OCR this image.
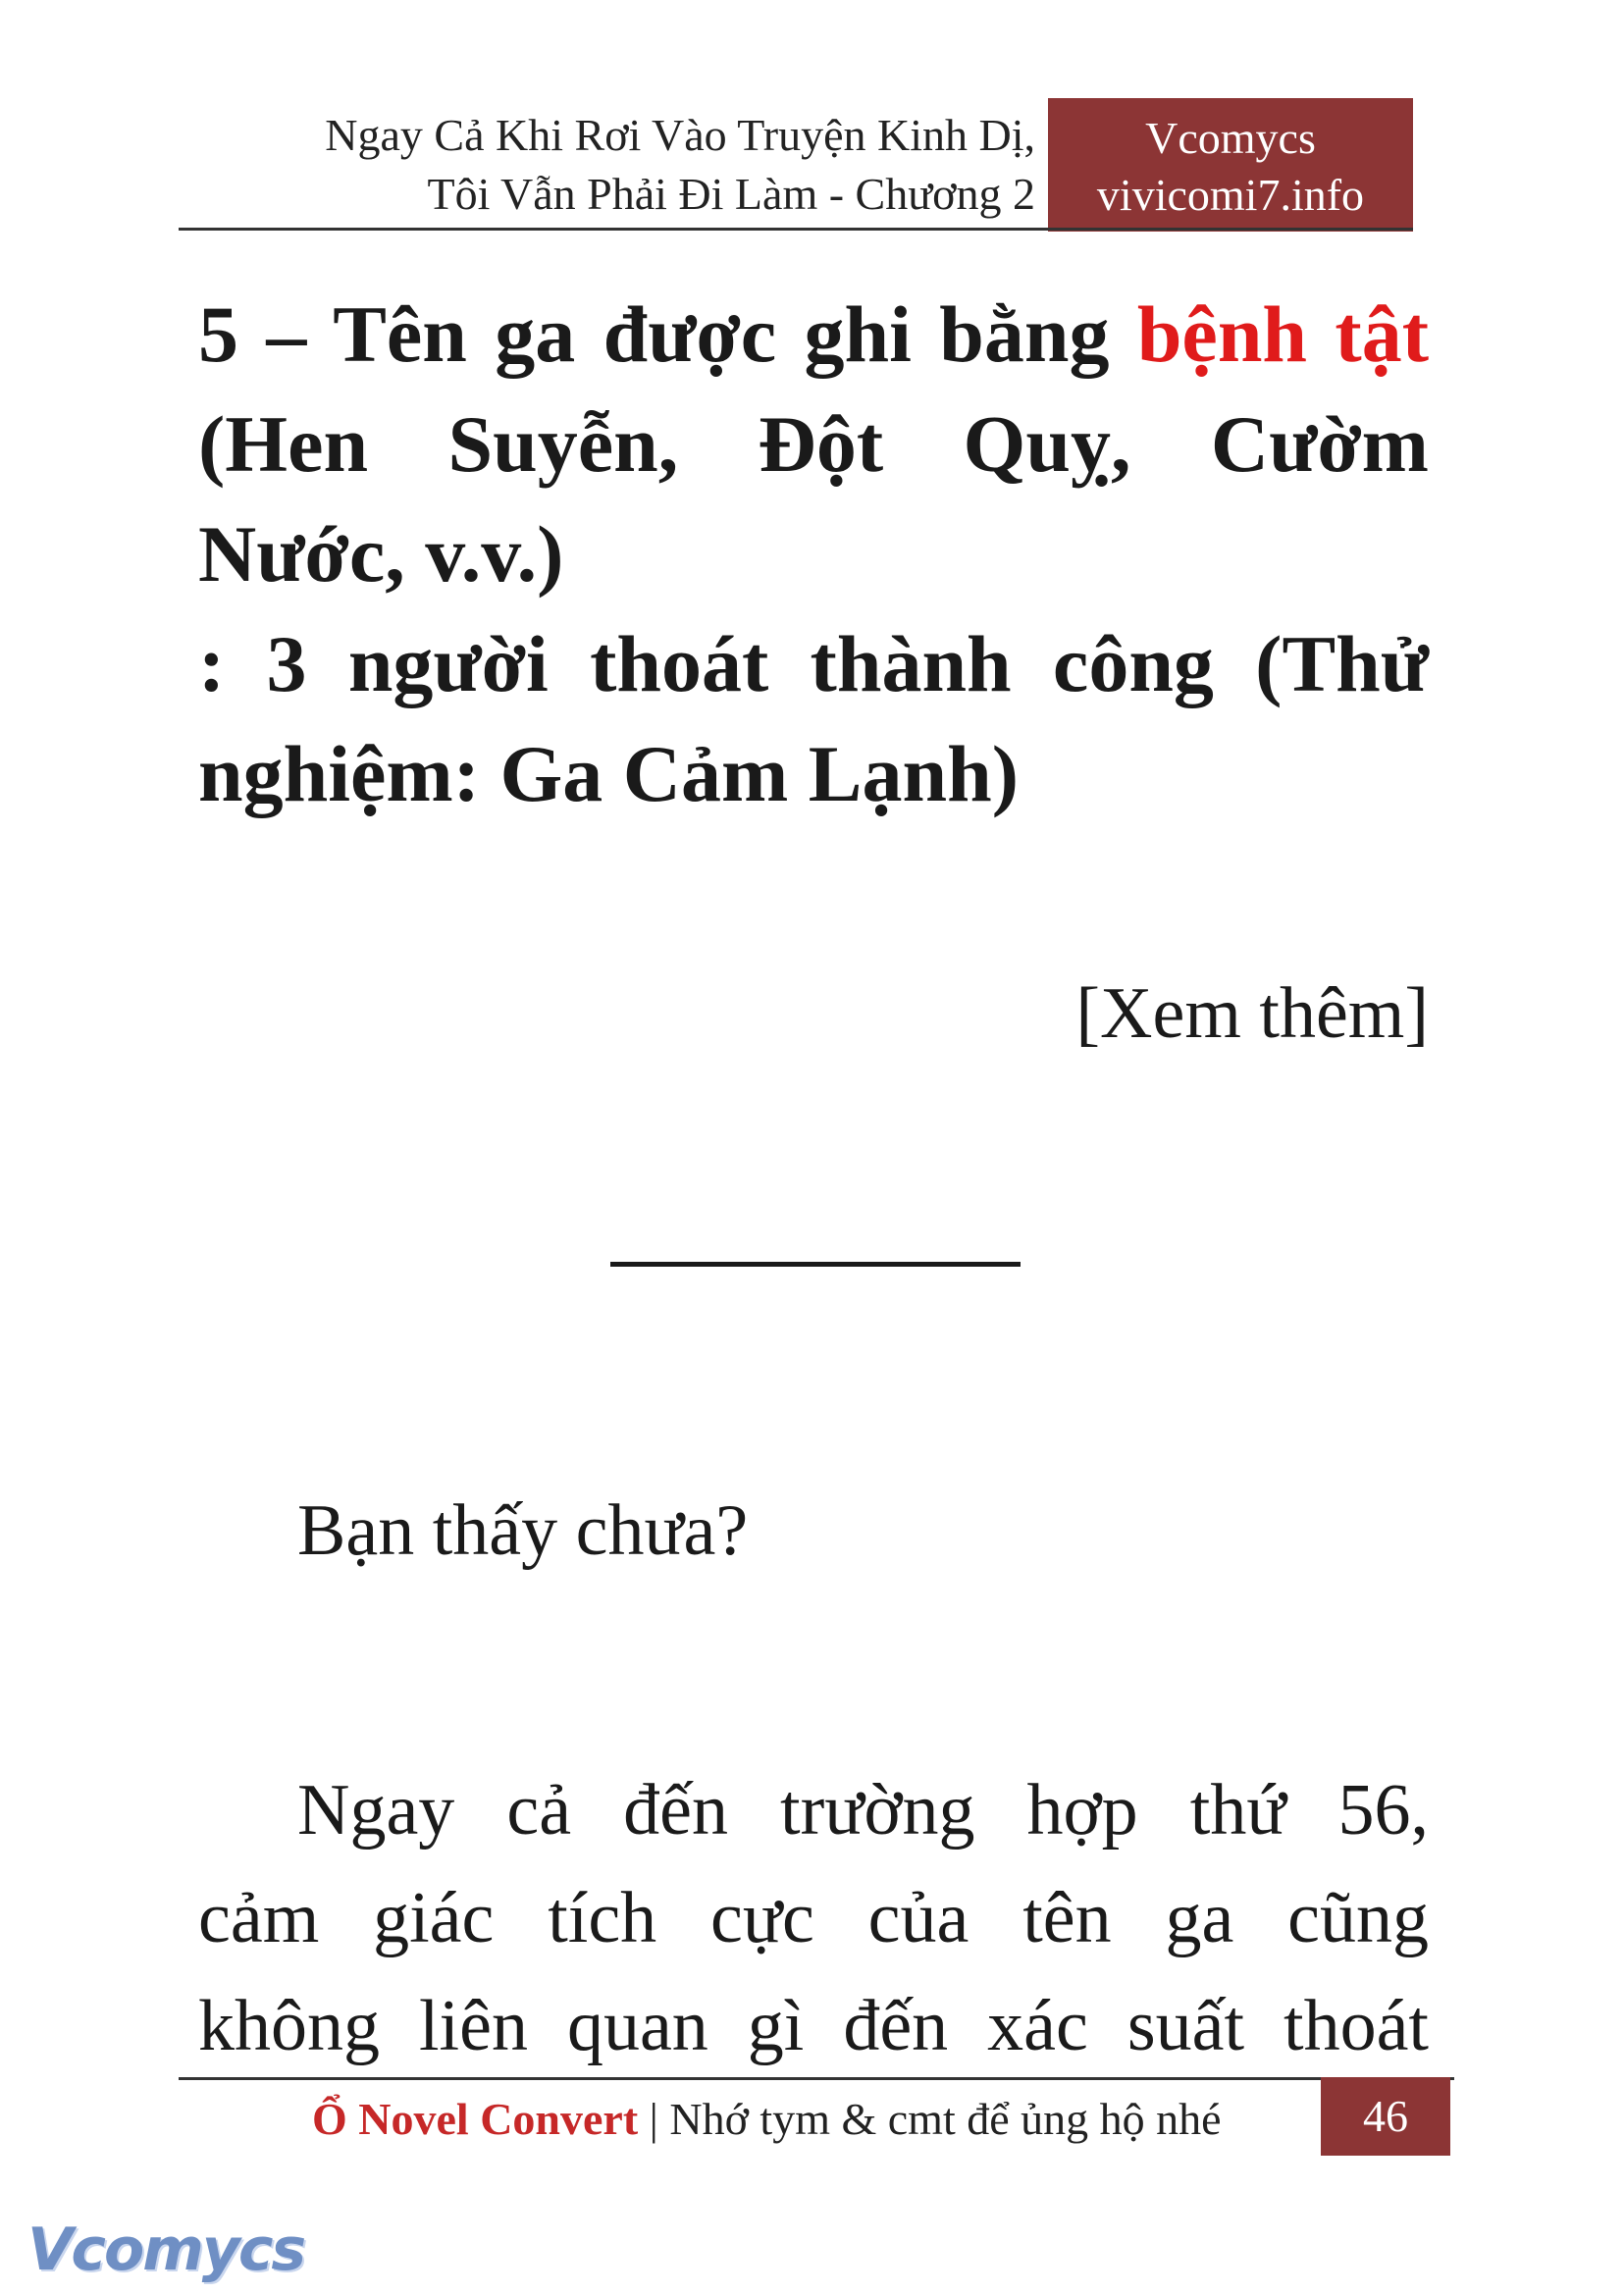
Ngay Cả Khi Rơi Vào Truyện Kinh Dị,
Tôi Vẫn Phải Đi Làm - Chương 2
Vcomycs
vivicomi7.info
5 – Tên ga được ghi bằng bệnh tật
(Hen Suyễn, Đột Quỵ, Cườm
Nước, v.v.)
: 3 người thoát thành công (Thử
nghiệm: Ga Cảm Lạnh)
[Xem thêm]
Bạn thấy chưa?
Ngay cả đến trường hợp thứ 56,
cảm giác tích cực của tên ga cũng
không liên quan gì đến xác suất thoát
Ổ Novel Convert | Nhớ tym & cmt để ủng hộ nhé	46
Vcomycs
